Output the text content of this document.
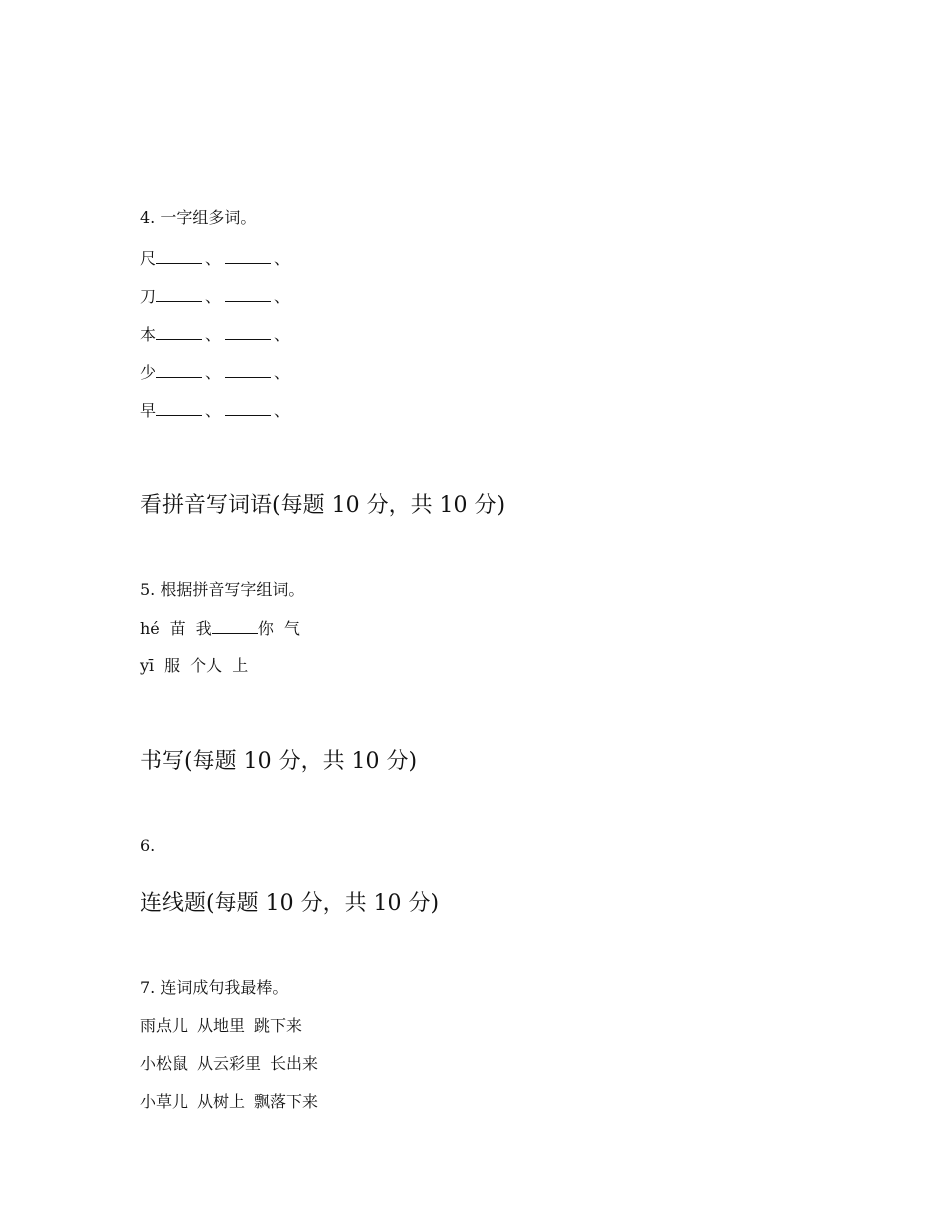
4. 一字组多词。
尺	、	、
刀	、	、
本	、	、
少	、	、
早	、	、
看拼音写词语(每题 10 分，共 10 分)
5. 根据拼音写字组词。
hé 苗 我	你 气
yī 服 个人 上
书写(每题 10 分，共 10 分)
6.
连线题(每题 10 分，共 10 分)
7. 连词成句我最棒。
雨点儿 从地里 跳下来
小松鼠 从云彩里 长出来
小草儿 从树上 飘落下来
